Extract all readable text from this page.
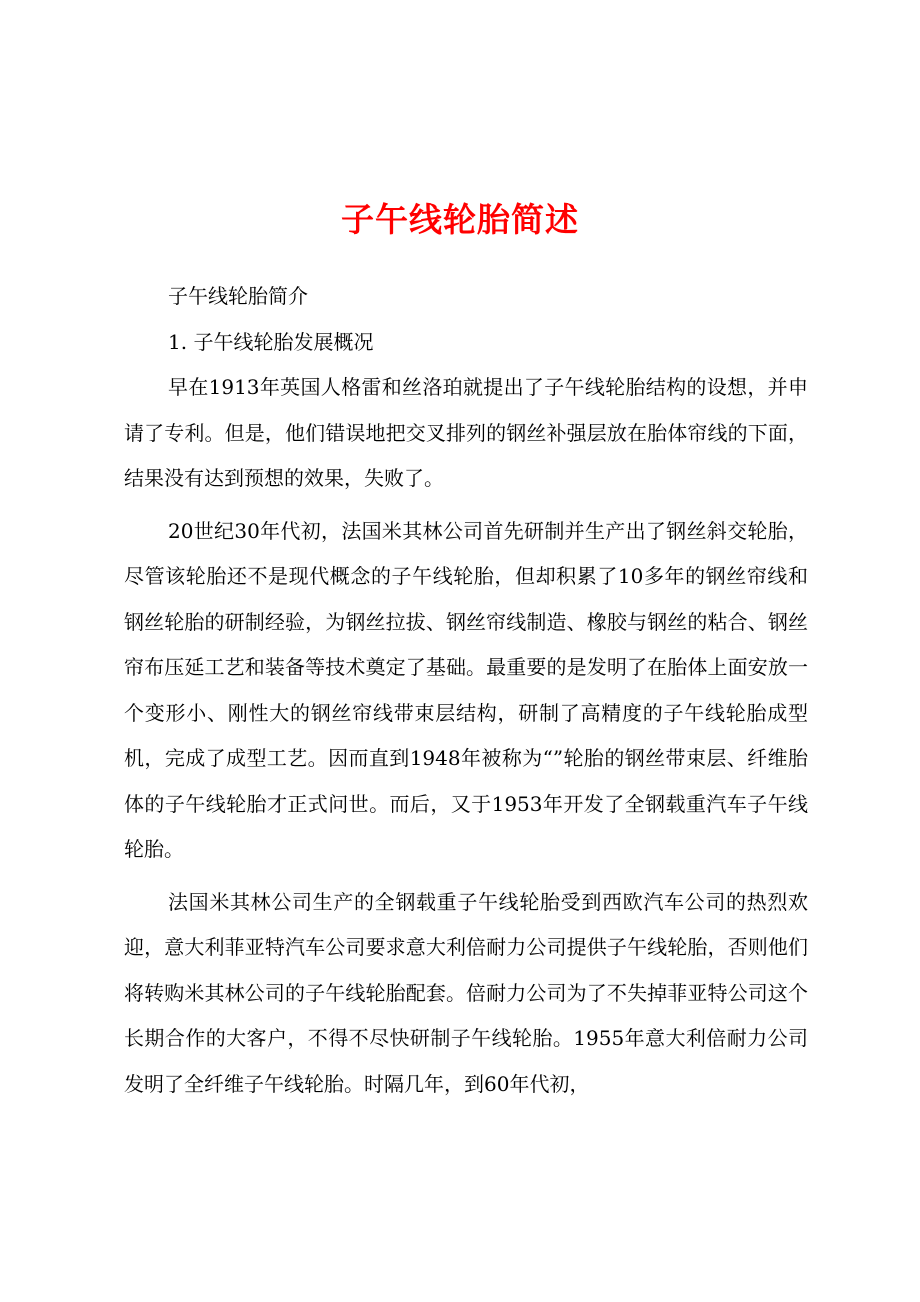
子午线轮胎简述

子午线轮胎简介

1. 子午线轮胎发展概况

早在1913年英国人格雷和丝洛珀就提出了子午线轮胎结构的设想，并申请了专利。但是，他们错误地把交叉排列的钢丝补强层放在胎体帘线的下面，结果没有达到预想的效果，失败了。

20世纪30年代初，法国米其林公司首先研制并生产出了钢丝斜交轮胎，尽管该轮胎还不是现代概念的子午线轮胎，但却积累了10多年的钢丝帘线和钢丝轮胎的研制经验，为钢丝拉拔、钢丝帘线制造、橡胶与钢丝的粘合、钢丝帘布压延工艺和装备等技术奠定了基础。最重要的是发明了在胎体上面安放一个变形小、刚性大的钢丝帘线带束层结构，研制了高精度的子午线轮胎成型机，完成了成型工艺。因而直到1948年被称为“”轮胎的钢丝带束层、纤维胎体的子午线轮胎才正式问世。而后，又于1953年开发了全钢载重汽车子午线轮胎。

法国米其林公司生产的全钢载重子午线轮胎受到西欧汽车公司的热烈欢迎，意大利菲亚特汽车公司要求意大利倍耐力公司提供子午线轮胎，否则他们将转购米其林公司的子午线轮胎配套。倍耐力公司为了不失掉菲亚特公司这个长期合作的大客户，不得不尽快研制子午线轮胎。1955年意大利倍耐力公司发明了全纤维子午线轮胎。时隔几年，到60年代初，
